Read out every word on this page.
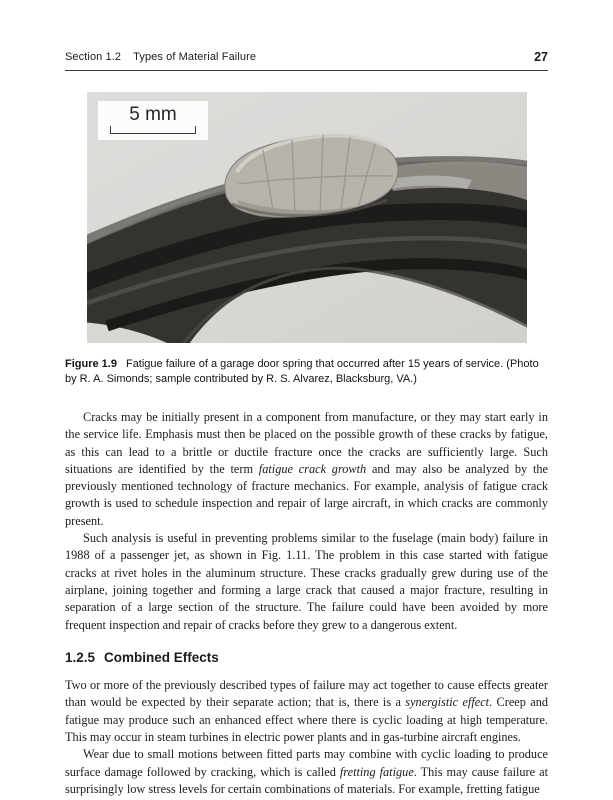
Section 1.2 Types of Material Failure	27
5 mm
Figure 1.9 Fatigue failure of a garage door spring that occurred after 15 years of service. (Photo by R. A. Simonds; sample contributed by R. S. Alvarez, Blacksburg, VA.)

Cracks may be initially present in a component from manufacture, or they may start early in the service life. Emphasis must then be placed on the possible growth of these cracks by fatigue, as this can lead to a brittle or ductile fracture once the cracks are sufficiently large. Such situations are identified by the term fatigue crack growth and may also be analyzed by the previously mentioned technology of fracture mechanics. For example, analysis of fatigue crack growth is used to schedule inspection and repair of large aircraft, in which cracks are commonly present.

Such analysis is useful in preventing problems similar to the fuselage (main body) failure in 1988 of a passenger jet, as shown in Fig. 1.11. The problem in this case started with fatigue cracks at rivet holes in the aluminum structure. These cracks gradually grew during use of the airplane, joining together and forming a large crack that caused a major fracture, resulting in separation of a large section of the structure. The failure could have been avoided by more frequent inspection and repair of cracks before they grew to a dangerous extent.

1.2.5 Combined Effects

Two or more of the previously described types of failure may act together to cause effects greater than would be expected by their separate action; that is, there is a synergistic effect. Creep and fatigue may produce such an enhanced effect where there is cyclic loading at high temperature. This may occur in steam turbines in electric power plants and in gas-turbine aircraft engines.

Wear due to small motions between fitted parts may combine with cyclic loading to produce surface damage followed by cracking, which is called fretting fatigue. This may cause failure at surprisingly low stress levels for certain combinations of materials. For example, fretting fatigue
